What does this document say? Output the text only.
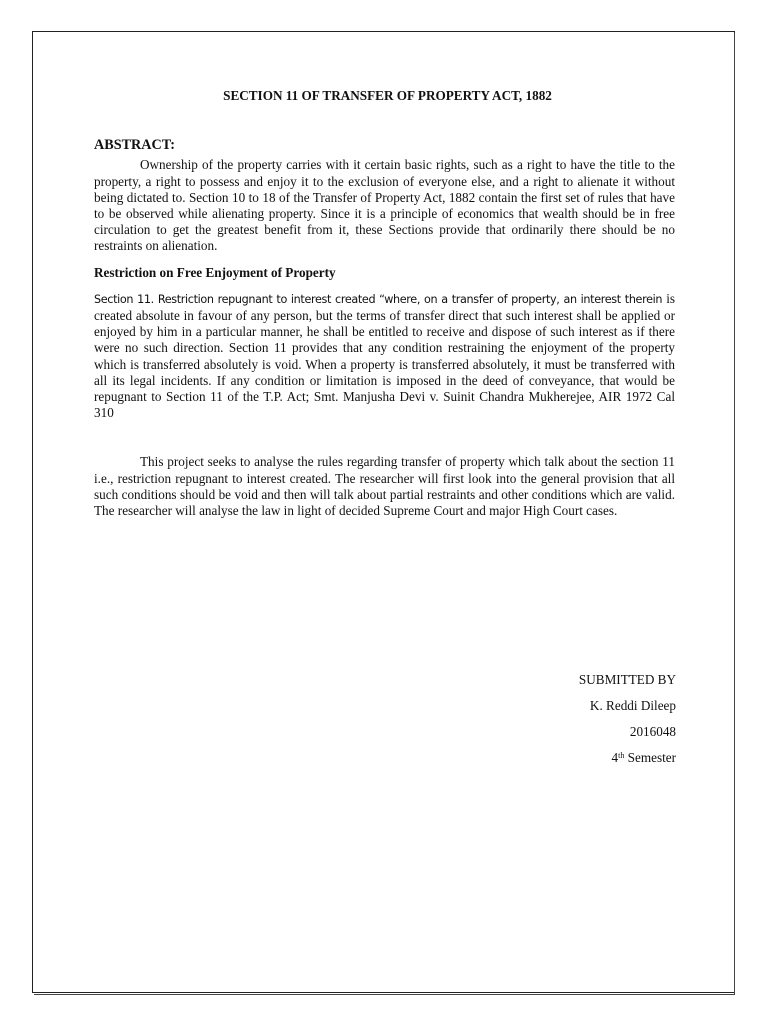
SECTION 11 OF TRANSFER OF PROPERTY ACT, 1882
ABSTRACT:

Ownership of the property carries with it certain basic rights, such as a right to have the title to the property, a right to possess and enjoy it to the exclusion of everyone else, and a right to alienate it without being dictated to. Section 10 to 18 of the Transfer of Property Act, 1882 contain the first set of rules that have to be observed while alienating property. Since it is a principle of economics that wealth should be in free circulation to get the greatest benefit from it, these Sections provide that ordinarily there should be no restraints on alienation.

Restriction on Free Enjoyment of Property

Section 11. Restriction repugnant to interest created “where, on a transfer of property, an interest therein is created absolute in favour of any person, but the terms of transfer direct that such interest shall be applied or enjoyed by him in a particular manner, he shall be entitled to receive and dispose of such interest as if there were no such direction. Section 11 provides that any condition restraining the enjoyment of the property which is transferred absolutely is void. When a property is transferred absolutely, it must be transferred with all its legal incidents. If any condition or limitation is imposed in the deed of conveyance, that would be repugnant to Section 11 of the T.P. Act; Smt. Manjusha Devi v. Suinit Chandra Mukherejee, AIR 1972 Cal 310

This project seeks to analyse the rules regarding transfer of property which talk about the section 11 i.e., restriction repugnant to interest created. The researcher will first look into the general provision that all such conditions should be void and then will talk about partial restraints and other conditions which are valid. The researcher will analyse the law in light of decided Supreme Court and major High Court cases.

SUBMITTED BY
K. Reddi Dileep
2016048
4th Semester
